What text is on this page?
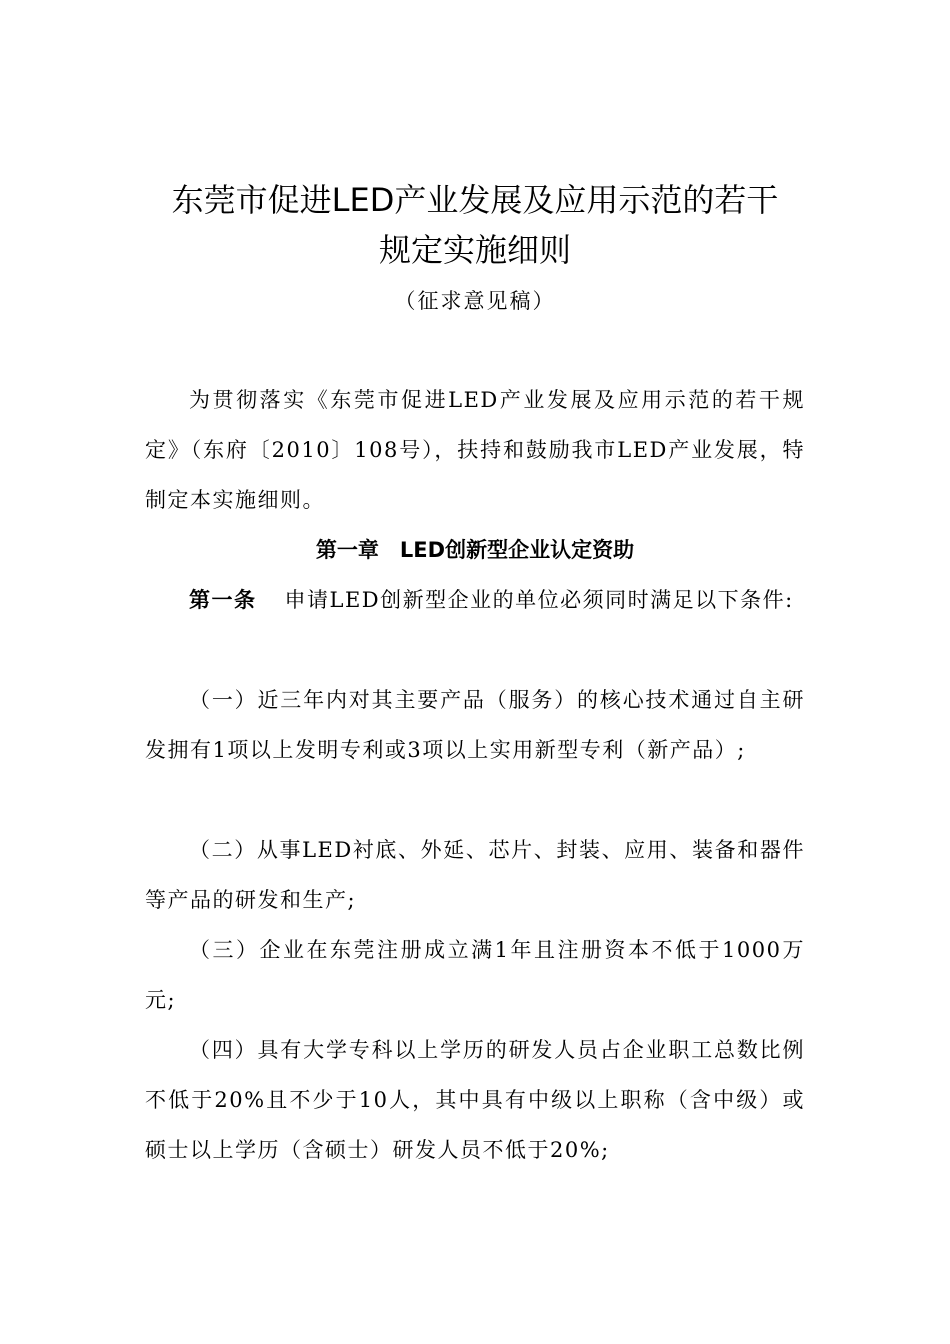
东莞市促进LED产业发展及应用示范的若干
规定实施细则
（征求意见稿）
为贯彻落实《东莞市促进LED产业发展及应用示范的若干规定》（东府〔2010〕108号），扶持和鼓励我市LED产业发展，特制定本实施细则。
第一章　LED创新型企业认定资助
第一条 申请LED创新型企业的单位必须同时满足以下条件:
（一）近三年内对其主要产品（服务）的核心技术通过自主研发拥有1项以上发明专利或3项以上实用新型专利（新产品）;
（二）从事LED衬底、外延、芯片、封装、应用、装备和器件等产品的研发和生产;
（三）企业在东莞注册成立满1年且注册资本不低于1000万元;
（四）具有大学专科以上学历的研发人员占企业职工总数比例不低于20%且不少于10人，其中具有中级以上职称（含中级）或硕士以上学历（含硕士）研发人员不低于20%;
